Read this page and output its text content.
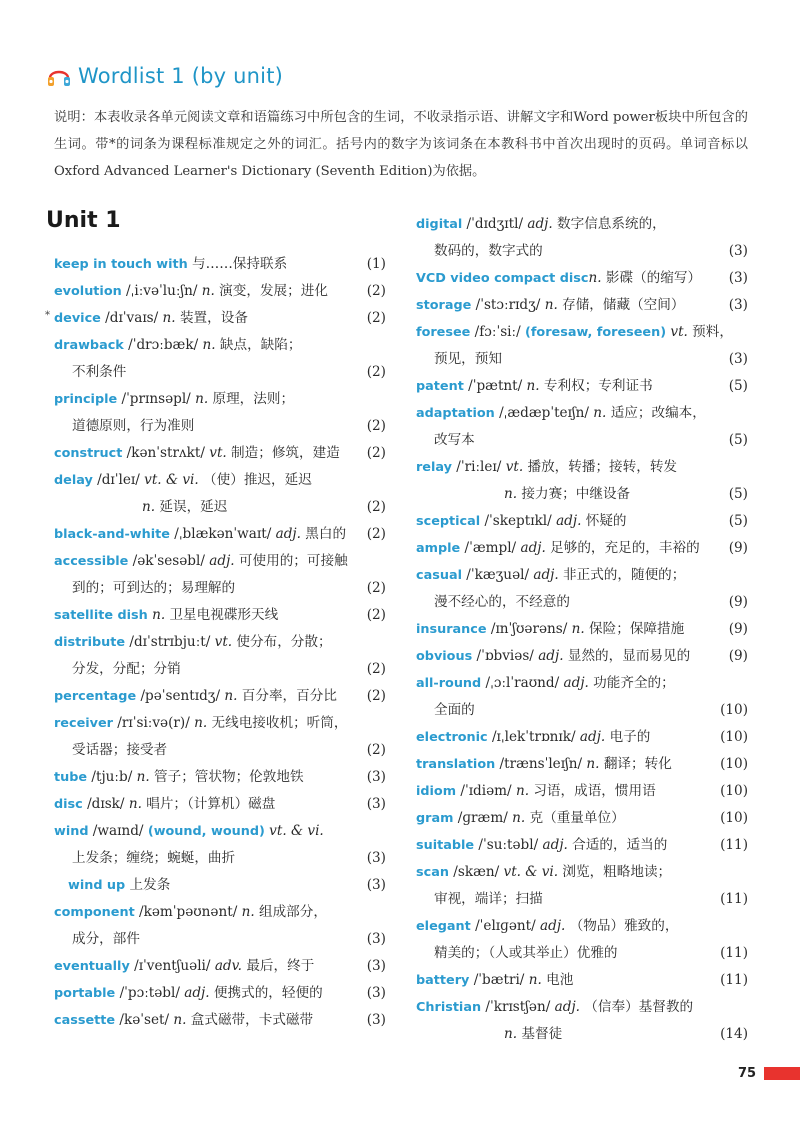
Wordlist 1 (by unit)
说明：本表收录各单元阅读文章和语篇练习中所包含的生词，不收录指示语、讲解文字和Word power板块中所包含的生词。带*的词条为课程标准规定之外的词汇。括号内的数字为该词条在本教科书中首次出现时的页码。单词音标以Oxford Advanced Learner's Dictionary (Seventh Edition)为依据。
Unit 1
keep in touch with 与……保持联系	(1)
evolution /ˌiːvəˈluːʃn/ n. 演变，发展；进化	(2)
* device /dɪˈvaɪs/ n. 装置，设备	(2)
drawback /ˈdrɔːbæk/ n. 缺点，缺陷；
不利条件	(2)
principle /ˈprɪnsəpl/ n. 原理，法则；
道德原则，行为准则	(2)
construct /kənˈstrʌkt/ vt. 制造；修筑，建造 (2)
delay /dɪˈleɪ/ vt. & vi. （使）推迟，延迟
n. 延误，延迟	(2)
black-and-white /ˌblækənˈwaɪt/ adj. 黑白的 (2)
accessible /əkˈsesəbl/ adj. 可使用的；可接触
到的；可到达的；易理解的	(2)
satellite dish n. 卫星电视碟形天线	(2)
distribute /dɪˈstrɪbjuːt/ vt. 使分布，分散；
分发，分配；分销	(2)
percentage /pəˈsentɪdʒ/ n. 百分率，百分比 (2)
receiver /rɪˈsiːvə(r)/ n. 无线电接收机；听筒，
受话器；接受者	(2)
tube /tjuːb/ n. 管子；管状物；伦敦地铁	(3)
disc /dɪsk/ n. 唱片；（计算机）磁盘	(3)
wind /waɪnd/ (wound, wound) vt. & vi.
上发条；缠绕；蜿蜒，曲折	(3)
wind up 上发条	(3)
component /kəmˈpəʊnənt/ n. 组成部分，
成分，部件	(3)
eventually /ɪˈventʃuəli/ adv. 最后，终于	(3)
portable /ˈpɔːtəbl/ adj. 便携式的，轻便的	(3)
cassette /kəˈset/ n. 盒式磁带，卡式磁带	(3)
digital /ˈdɪdʒɪtl/ adj. 数字信息系统的，
数码的，数字式的	(3)
VCD video compact discn. 影碟（的缩写） (3)
storage /ˈstɔːrɪdʒ/ n. 存储，储藏（空间）	(3)
foresee /fɔːˈsiː/ (foresaw, foreseen) vt. 预料，
预见，预知	(3)
patent /ˈpætnt/ n. 专利权；专利证书	(5)
adaptation /ˌædæpˈteɪʃn/ n. 适应；改编本，
改写本	(5)
relay /ˈriːleɪ/ vt. 播放，转播；接转，转发
n. 接力赛；中继设备	(5)
sceptical /ˈskeptɪkl/ adj. 怀疑的	(5)
ample /ˈæmpl/ adj. 足够的，充足的，丰裕的 (9)
casual /ˈkæʒuəl/ adj. 非正式的，随便的；
漫不经心的，不经意的	(9)
insurance /ɪnˈʃʊərəns/ n. 保险；保障措施	(9)
obvious /ˈɒbviəs/ adj. 显然的，显而易见的	(9)
all-round /ˌɔːlˈraʊnd/ adj. 功能齐全的；
全面的	(10)
electronic /ɪˌlekˈtrɒnɪk/ adj. 电子的	(10)
translation /trænsˈleɪʃn/ n. 翻译；转化	(10)
idiom /ˈɪdiəm/ n. 习语，成语，惯用语	(10)
gram /ɡræm/ n. 克（重量单位）	(10)
suitable /ˈsuːtəbl/ adj. 合适的，适当的	(11)
scan /skæn/ vt. & vi. 浏览，粗略地读；
审视，端详；扫描	(11)
elegant /ˈelɪɡənt/ adj. （物品）雅致的，
精美的；（人或其举止）优雅的	(11)
battery /ˈbætri/ n. 电池	(11)
Christian /ˈkrɪstʃən/ adj. （信奉）基督教的
n. 基督徒	(14)
75
